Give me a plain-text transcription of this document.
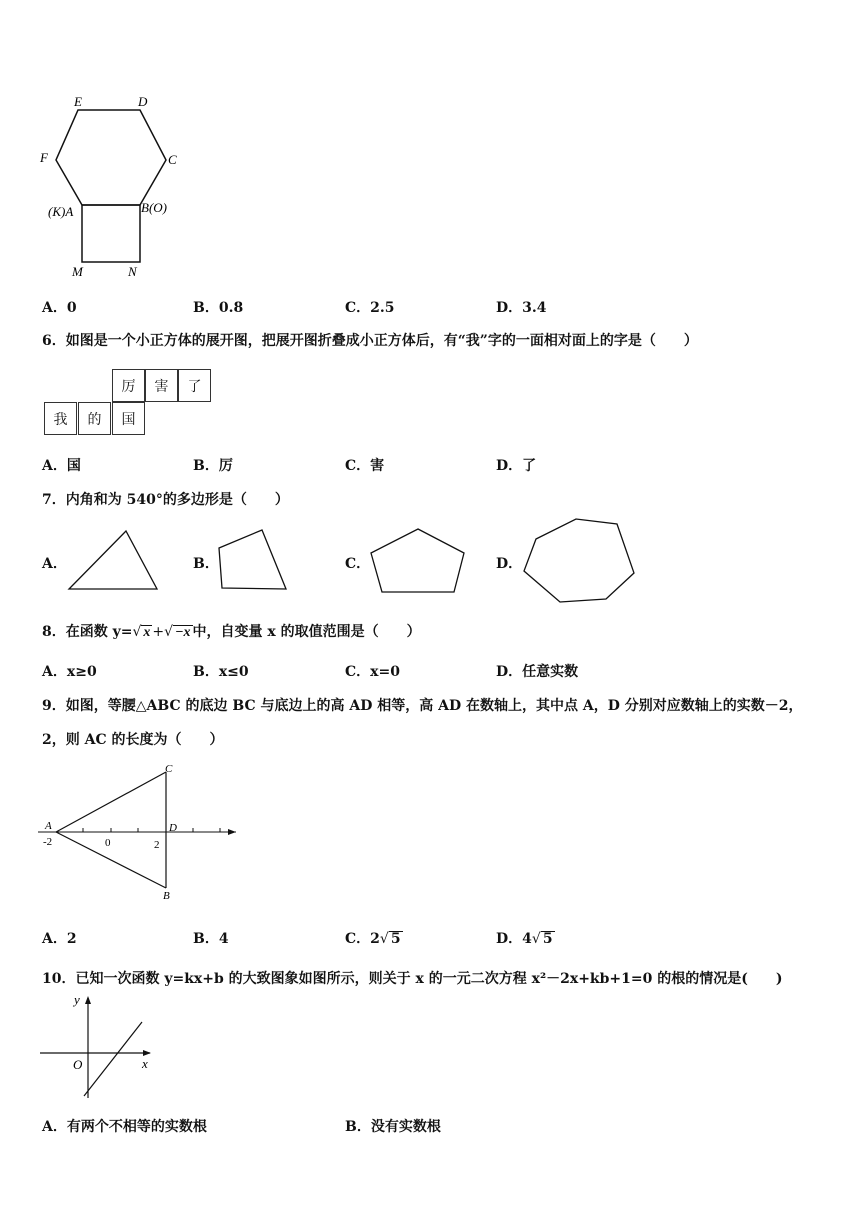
E	D
F	C
(K)A	B(O)
M	N
A．0	B．0.8	C．2.5	D．3.4
6．如图是一个小正方体的展开图，把展开图折叠成小正方体后，有“我”字的一面相对面上的字是（　　）
厉	害	了
我	的	国
A．国	B．厉	C．害	D．了
7．内角和为 540°的多边形是（　　）
A．	B．	C．	D．
8．在函数 y=√ x +√ −x 中，自变量 x 的取值范围是（　　）
A．x≥0	B．x≤0	C．x=0	D．任意实数
9．如图，等腰△ABC 的底边 BC 与底边上的高 AD 相等，高 AD 在数轴上，其中点 A，D 分别对应数轴上的实数－2，
2，则 AC 的长度为（　　）
A
-2	0	2
C
D
B
A．2	B．4	C．2√ 5	D．4√ 5
10．已知一次函数 y=kx+b 的大致图象如图所示，则关于 x 的一元二次方程 x²－2x+kb+1=0 的根的情况是(　　)
y
O	x
A．有两个不相等的实数根	B．没有实数根
